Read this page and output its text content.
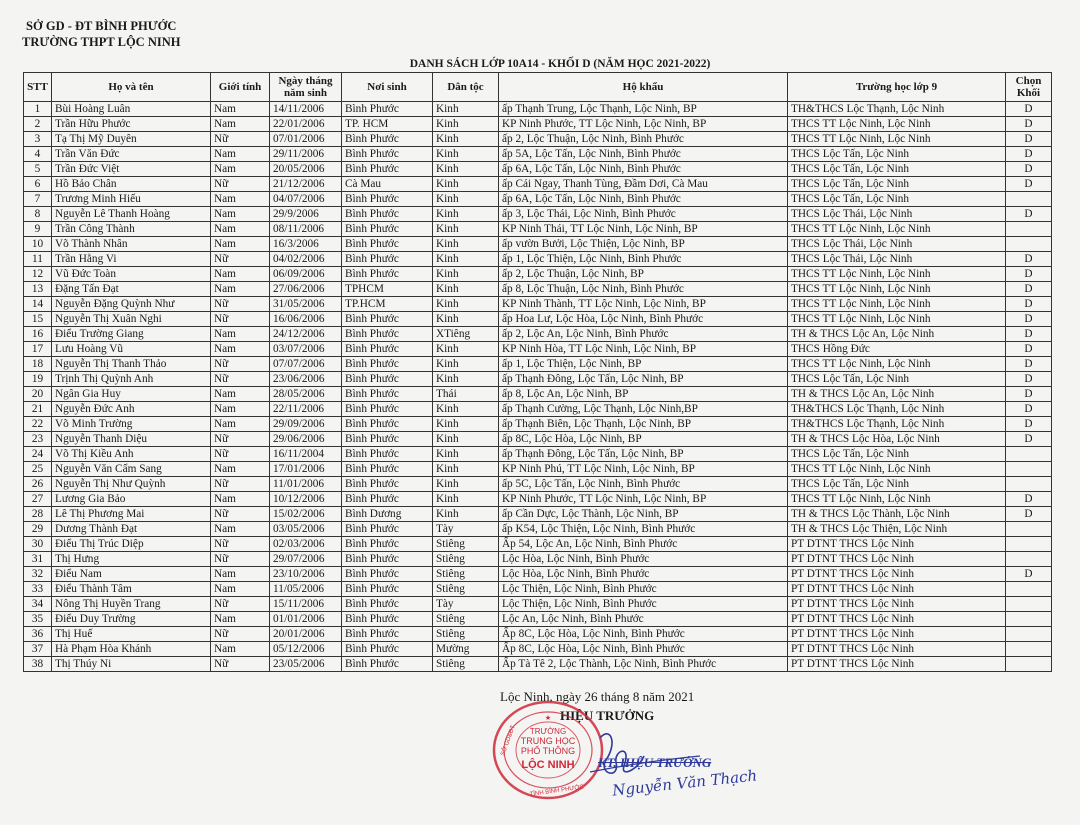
SỞ GD - ĐT BÌNH PHƯỚC
TRƯỜNG THPT LỘC NINH
DANH SÁCH LỚP 10A14 - KHỐI D (NĂM HỌC 2021-2022)
STT	Họ và tên	Giới tính	Ngày tháng năm sinh	Nơi sinh	Dân tộc	Hộ khẩu	Trường học lớp 9	Chọn Khối
1	Bùi Hoàng Luân	Nam	14/11/2006	Bình Phước	Kinh	ấp Thạnh Trung, Lộc Thạnh, Lộc Ninh, BP	TH&THCS Lộc Thạnh, Lộc Ninh	D
2	Trần Hữu Phước	Nam	22/01/2006	TP. HCM	Kinh	KP Ninh Phước, TT Lộc Ninh, Lộc Ninh, BP	THCS TT Lộc Ninh, Lộc Ninh	D
3	Tạ Thị Mỹ Duyên	Nữ	07/01/2006	Bình Phước	Kinh	ấp 2, Lộc Thuận, Lộc Ninh, Bình Phước	THCS TT Lộc Ninh, Lộc Ninh	D
4	Trần Văn Đức	Nam	29/11/2006	Bình Phước	Kinh	ấp 5A, Lộc Tấn, Lộc Ninh, Bình Phước	THCS Lộc Tấn, Lộc Ninh	D
5	Trần Đức Việt	Nam	20/05/2006	Bình Phước	Kinh	ấp 6A, Lộc Tấn, Lộc Ninh, Bình Phước	THCS Lộc Tấn, Lộc Ninh	D
6	Hồ Bảo Chân	Nữ	21/12/2006	Cà Mau	Kinh	ấp Cái Ngay, Thanh Tùng, Đầm Dơi, Cà Mau	THCS Lộc Tấn, Lộc Ninh	D
7	Trương Minh Hiếu	Nam	04/07/2006	Bình Phước	Kinh	ấp 6A, Lộc Tấn, Lộc Ninh, Bình Phước	THCS Lộc Tấn, Lộc Ninh	
8	Nguyễn Lê Thanh Hoàng	Nam	29/9/2006	Bình Phước	Kinh	ấp 3, Lộc Thái, Lộc Ninh, Bình Phước	THCS Lộc Thái, Lộc Ninh	D
9	Trần Công Thành	Nam	08/11/2006	Bình Phước	Kinh	KP Ninh Thái, TT Lộc Ninh, Lộc Ninh, BP	THCS TT Lộc Ninh, Lộc Ninh	
10	Võ Thành Nhân	Nam	16/3/2006	Bình Phước	Kinh	ấp vườn Bưởi, Lộc Thiện, Lộc Ninh, BP	THCS Lộc Thái, Lộc Ninh	
11	Trần Hằng Vi	Nữ	04/02/2006	Bình Phước	Kinh	ấp 1, Lộc Thiện, Lộc Ninh, Bình Phước	THCS Lộc Thái, Lộc Ninh	D
12	Vũ Đức Toàn	Nam	06/09/2006	Bình Phước	Kinh	ấp 2, Lộc Thuận, Lộc Ninh, BP	THCS TT Lộc Ninh, Lộc Ninh	D
13	Đặng Tấn Đạt	Nam	27/06/2006	TPHCM	Kinh	ấp 8, Lộc Thuận, Lộc Ninh, Bình Phước	THCS TT Lộc Ninh, Lộc Ninh	D
14	Nguyễn Đặng Quỳnh Như	Nữ	31/05/2006	TP.HCM	Kinh	KP Ninh Thành, TT Lộc Ninh, Lộc Ninh, BP	THCS TT Lộc Ninh, Lộc Ninh	D
15	Nguyễn Thị Xuân Nghi	Nữ	16/06/2006	Bình Phước	Kinh	ấp Hoa Lư, Lộc Hòa, Lộc Ninh, Bình Phước	THCS TT Lộc Ninh, Lộc Ninh	D
16	Điểu Trường Giang	Nam	24/12/2006	Bình Phước	XTiêng	ấp 2, Lộc An, Lộc Ninh, Bình Phước	TH & THCS Lộc An, Lộc Ninh	D
17	Lưu Hoàng Vũ	Nam	03/07/2006	Bình Phước	Kinh	KP Ninh Hòa, TT Lộc Ninh, Lộc Ninh, BP	THCS Hồng Đức	D
18	Nguyễn Thị Thanh Thảo	Nữ	07/07/2006	Bình Phước	Kinh	ấp 1, Lộc Thiện, Lộc Ninh, BP	THCS TT Lộc Ninh, Lộc Ninh	D
19	Trịnh Thị Quỳnh Anh	Nữ	23/06/2006	Bình Phước	Kinh	ấp Thạnh Đông, Lộc Tấn, Lộc Ninh, BP	THCS Lộc Tấn, Lộc Ninh	D
20	Ngân Gia Huy	Nam	28/05/2006	Bình Phước	Thái	ấp 8, Lộc An, Lộc Ninh, BP	TH & THCS Lộc An, Lộc Ninh	D
21	Nguyễn Đức Anh	Nam	22/11/2006	Bình Phước	Kinh	ấp Thạnh Cường, Lộc Thạnh, Lộc Ninh,BP	TH&THCS Lộc Thạnh, Lộc Ninh	D
22	Võ Minh Trường	Nam	29/09/2006	Bình Phước	Kinh	ấp Thạnh Biên, Lộc Thạnh, Lộc Ninh, BP	TH&THCS Lộc Thạnh, Lộc Ninh	D
23	Nguyễn Thanh Diệu	Nữ	29/06/2006	Bình Phước	Kinh	ấp 8C, Lộc Hòa, Lộc Ninh, BP	TH & THCS Lộc Hòa, Lộc Ninh	D
24	Võ Thị Kiều Anh	Nữ	16/11/2004	Bình Phước	Kinh	ấp Thạnh Đông, Lộc Tấn, Lộc Ninh, BP	THCS Lộc Tấn, Lộc Ninh	
25	Nguyễn Văn Cẩm Sang	Nam	17/01/2006	Bình Phước	Kinh	KP Ninh Phú, TT Lộc Ninh, Lộc Ninh, BP	THCS TT Lộc Ninh, Lộc Ninh	
26	Nguyễn Thị Như Quỳnh	Nữ	11/01/2006	Bình Phước	Kinh	ấp 5C, Lộc Tấn, Lộc Ninh, Bình Phước	THCS Lộc Tấn, Lộc Ninh	
27	Lương Gia Bảo	Nam	10/12/2006	Bình Phước	Kinh	KP Ninh Phước, TT Lộc Ninh, Lộc Ninh, BP	THCS TT Lộc Ninh, Lộc Ninh	D
28	Lê Thị Phương Mai	Nữ	15/02/2006	Bình Dương	Kinh	ấp Cần Dực, Lộc Thành, Lộc Ninh, BP	TH & THCS Lộc Thành, Lộc Ninh	D
29	Dương Thành Đạt	Nam	03/05/2006	Bình Phước	Tày	ấp K54, Lộc Thiện, Lộc Ninh, Bình Phước	TH & THCS Lộc Thiện, Lộc Ninh	
30	Điểu Thị Trúc Diệp	Nữ	02/03/2006	Bình Phước	Stiêng	Ấp 54, Lộc An, Lộc Ninh, Bình Phước	PT DTNT THCS Lộc Ninh	
31	Thị Hưng	Nữ	29/07/2006	Bình Phước	Stiêng	Lộc Hòa, Lộc Ninh, Bình Phước	PT DTNT THCS Lộc Ninh	
32	Điểu Nam	Nam	23/10/2006	Bình Phước	Stiêng	Lộc Hòa, Lộc Ninh, Bình Phước	PT DTNT THCS Lộc Ninh	D
33	Điểu Thành Tâm	Nam	11/05/2006	Bình Phước	Stiêng	Lộc Thiện, Lộc Ninh, Bình Phước	PT DTNT THCS Lộc Ninh	
34	Nông Thị Huyền Trang	Nữ	15/11/2006	Bình Phước	Tày	Lộc Thiện, Lộc Ninh, Bình Phước	PT DTNT THCS Lộc Ninh	
35	Điểu Duy Trường	Nam	01/01/2006	Bình Phước	Stiêng	Lộc An, Lộc Ninh, Bình Phước	PT DTNT THCS Lộc Ninh	
36	Thị Huế	Nữ	20/01/2006	Bình Phước	Stiêng	Ấp 8C, Lộc Hòa, Lộc Ninh, Bình Phước	PT DTNT THCS Lộc Ninh	
37	Hà Phạm Hòa Khánh	Nam	05/12/2006	Bình Phước	Mường	Ấp 8C, Lộc Hòa, Lộc Ninh, Bình Phước	PT DTNT THCS Lộc Ninh	
38	Thị Thúy Ni	Nữ	23/05/2006	Bình Phước	Stiêng	Ấp Tà Tê 2, Lộc Thành, Lộc Ninh, Bình Phước	PT DTNT THCS Lộc Ninh	
Lộc Ninh, ngày 26 tháng 8 năm 2021
HIỆU TRƯỞNG
TRƯỜNG
TRUNG HỌC
PHỔ THÔNG
LỘC NINH
SỞ GD&ĐT
TỈNH BÌNH PHƯỚC
★
KT. HIỆU TRƯỞNG
Nguyễn Văn Thạch
